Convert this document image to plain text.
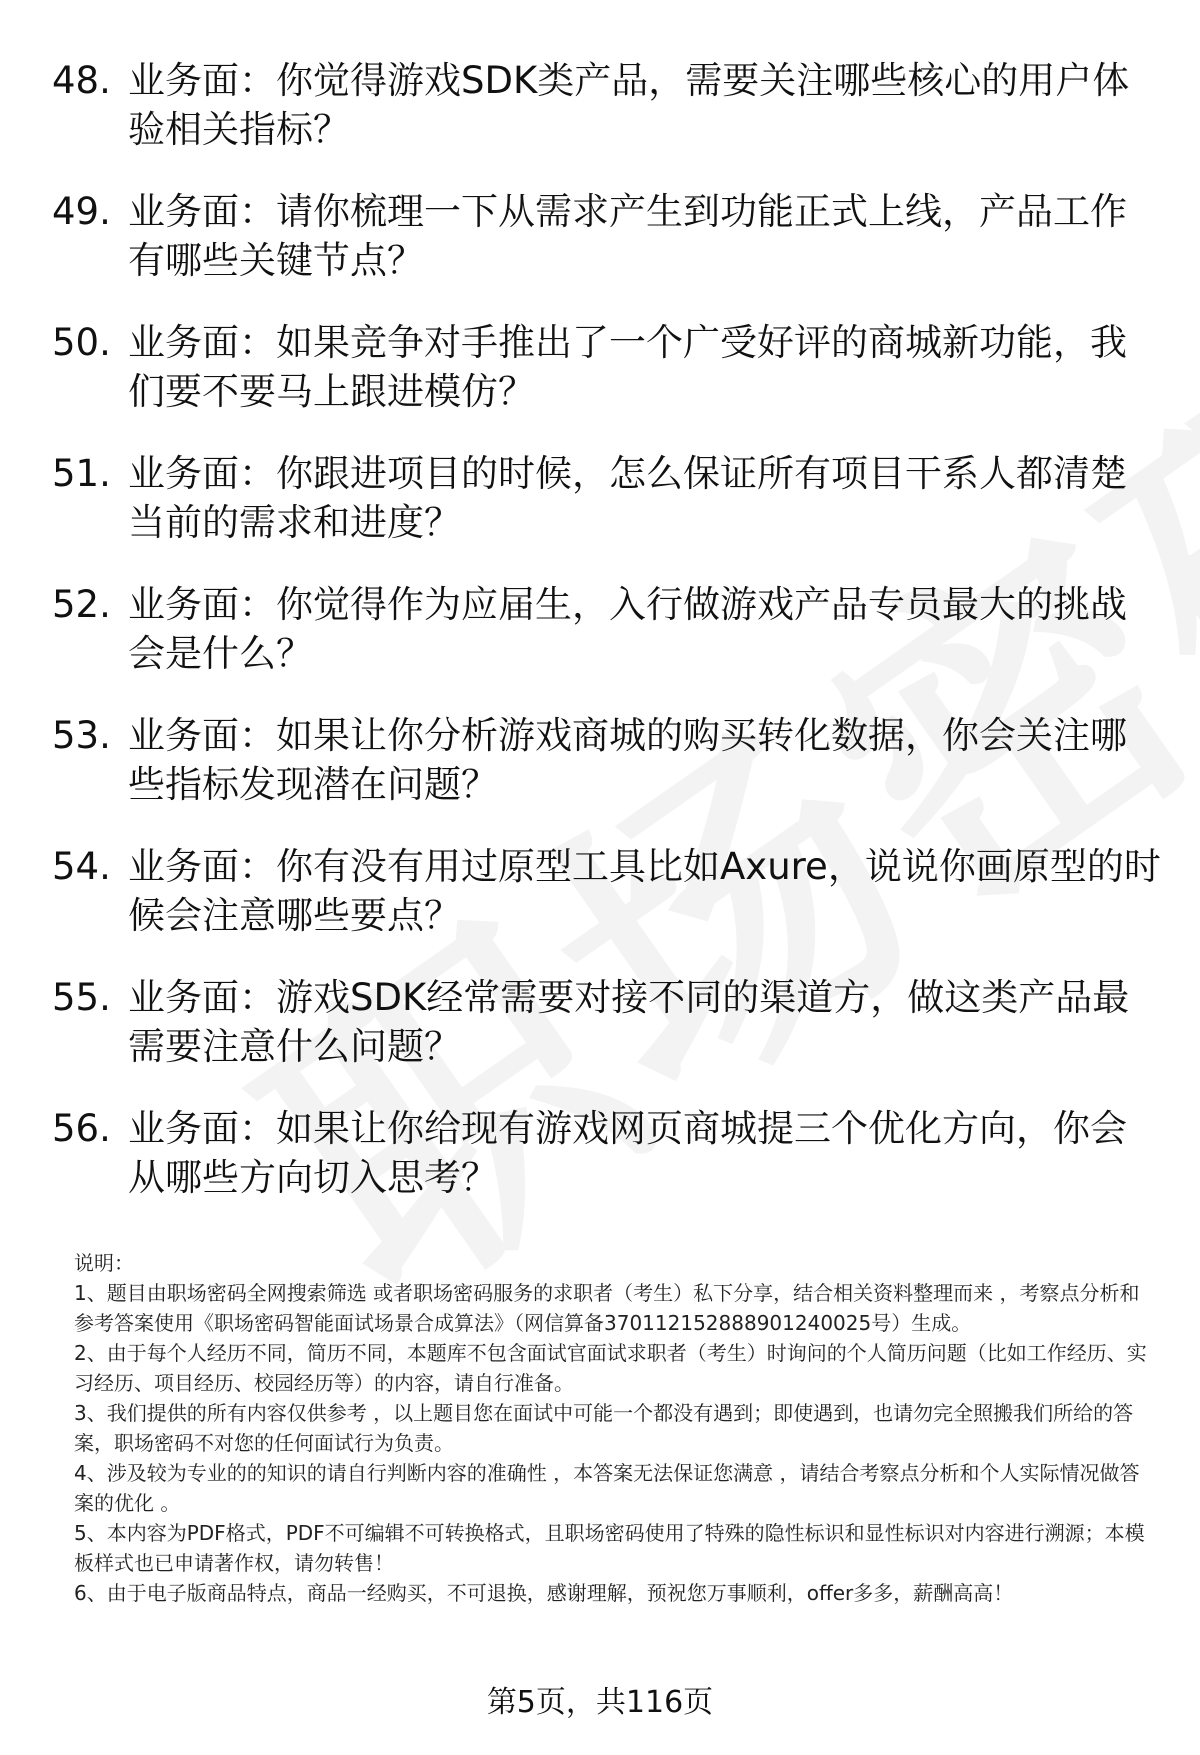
48. 业务面：你觉得游戏SDK类产品，需要关注哪些核心的用户体验相关指标？
49. 业务面：请你梳理一下从需求产生到功能正式上线，产品工作有哪些关键节点？
50. 业务面：如果竞争对手推出了一个广受好评的商城新功能，我们要不要马上跟进模仿？
51. 业务面：你跟进项目的时候，怎么保证所有项目干系人都清楚当前的需求和进度？
52. 业务面：你觉得作为应届生，入行做游戏产品专员最大的挑战会是什么？
53. 业务面：如果让你分析游戏商城的购买转化数据，你会关注哪些指标发现潜在问题？
54. 业务面：你有没有用过原型工具比如Axure，说说你画原型的时候会注意哪些要点？
55. 业务面：游戏SDK经常需要对接不同的渠道方，做这类产品最需要注意什么问题？
56. 业务面：如果让你给现有游戏网页商城提三个优化方向，你会从哪些方向切入思考？

说明：

1、题目由职场密码全网搜索筛选 或者职场密码服务的求职者（考生）私下分享，结合相关资料整理而来 ，考察点分析和参考答案使用《职场密码智能面试场景合成算法》（网信算备370112152888901240025号）生成。

2、由于每个人经历不同，简历不同，本题库不包含面试官面试求职者（考生）时询问的个人简历问题（比如工作经历、实习经历、项目经历、校园经历等）的内容，请自行准备。

3、我们提供的所有内容仅供参考 ，以上题目您在面试中可能一个都没有遇到；即使遇到，也请勿完全照搬我们所给的答案，职场密码不对您的任何面试行为负责。

4、涉及较为专业的的知识的请自行判断内容的准确性 ，本答案无法保证您满意 ，请结合考察点分析和个人实际情况做答案的优化 。

5、本内容为PDF格式，PDF不可编辑不可转换格式，且职场密码使用了特殊的隐性标识和显性标识对内容进行溯源；本模板样式也已申请著作权，请勿转售！

6、由于电子版商品特点，商品一经购买，不可退换，感谢理解，预祝您万事顺利，offer多多，薪酬高高！

第5页，共116页
